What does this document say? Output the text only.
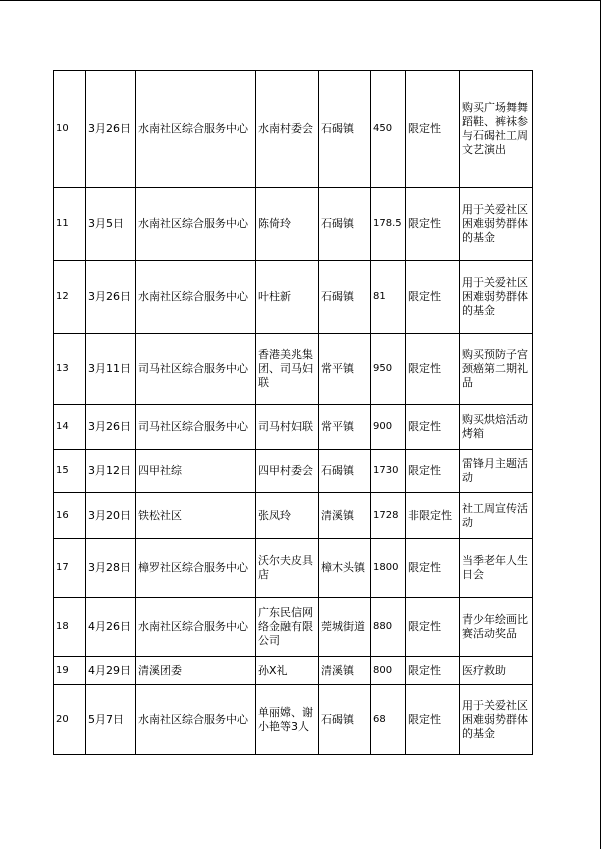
10	3月26日	水南社区综合服务中心	水南村委会	石碣镇	450	限定性	购买广场舞舞蹈鞋、裤袜参与石碣社工周文艺演出
11	3月5日	水南社区综合服务中心	陈倚玲	石碣镇	178.5	限定性	用于关爱社区困难弱势群体的基金
12	3月26日	水南社区综合服务中心	叶柱新	石碣镇	81	限定性	用于关爱社区困难弱势群体的基金
13	3月11日	司马社区综合服务中心	香港美兆集团、司马妇联	常平镇	950	限定性	购买预防子宫颈癌第二期礼品
14	3月26日	司马社区综合服务中心	司马村妇联	常平镇	900	限定性	购买烘焙活动烤箱
15	3月12日	四甲社综	四甲村委会	石碣镇	1730	限定性	雷锋月主题活动
16	3月20日	铁松社区	张凤玲	清溪镇	1728	非限定性	社工周宣传活动
17	3月28日	樟罗社区综合服务中心	沃尔夫皮具店	樟木头镇	1800	限定性	当季老年人生日会
18	4月26日	水南社区综合服务中心	广东民信网络金融有限公司	莞城街道	880	限定性	青少年绘画比赛活动奖品
19	4月29日	清溪团委	孙X礼	清溪镇	800	限定性	医疗救助
20	5月7日	水南社区综合服务中心	单丽嫦、谢小艳等3人	石碣镇	68	限定性	用于关爱社区困难弱势群体的基金
